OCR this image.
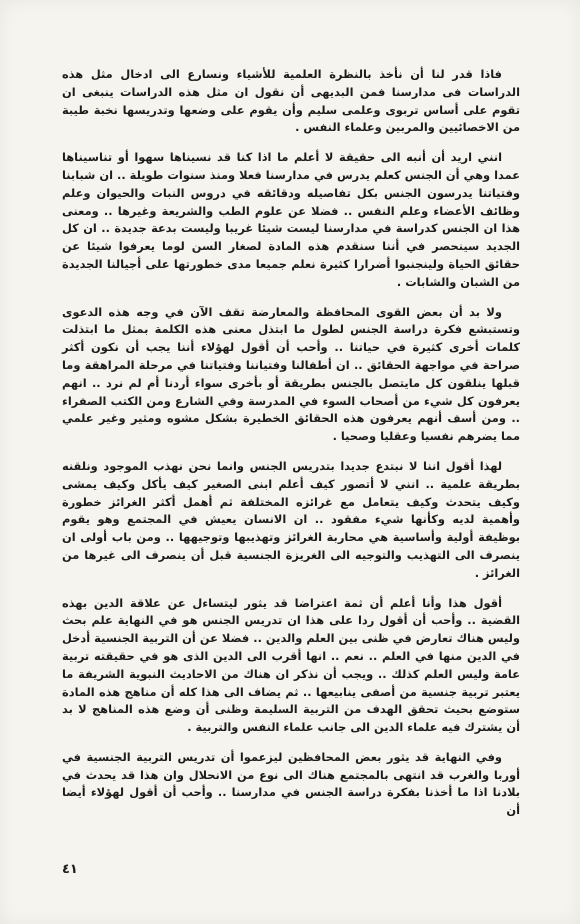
فاذا قدر لنا أن نأخذ بالنظرة العلمية للأشياء ونسارع الى ادخال مثل هذه الدراسات فى مدارسنا فمن البديهى أن نقول ان مثل هذه الدراسات ينبغى ان تقوم على أساس تربوى وعلمى سليم وأن يقوم على وضعها وتدريسها نخبة طيبة من الاخصائيين والمربين وعلماء النفس .

انني اريد أن أنبه الى حقيقة لا أعلم ما اذا كنا قد نسيناها سهوا أو تناسيناها عمدا وهي أن الجنس كعلم يدرس في مدارسنا فعلا ومنذ سنوات طويلة .. ان شبابنا وفتياتنا يدرسون الجنس بكل تفاصيله ودقائقه في دروس النبات والحيوان وعلم وظائف الأعضاء وعلم النفس .. فضلا عن علوم الطب والشريعة وغيرها .. ومعنى هذا ان الجنس كدراسة في مدارسنا ليست شيئا غريبا وليست بدعة جديدة .. ان كل الجديد سينحصر في أننا سنقدم هذه المادة لصغار السن لوما يعرفوا شيئا عن حقائق الحياة ولينجنبوا أضرارا كثيرة نعلم جميعا مدى خطورتها على أجيالنا الجديدة من الشبان والشابات .

ولا بد أن بعض القوى المحافظة والمعارضة تقف الآن في وجه هذه الدعوى وتستبشع فكرة دراسة الجنس لطول ما ابتذل معنى هذه الكلمة بمثل ما ابتذلت كلمات أخرى كثيرة في حياتنا .. وأحب أن أقول لهؤلاء أننا يجب أن نكون أكثر صراحة في مواجهة الحقائق .. ان أطفالنا وفتياننا وفتياتنا في مرحلة المراهقة وما قبلها ينلقون كل مايتصل بالجنس بطريقة أو بأخرى سواء أردنا أم لم نرد .. انهم يعرفون كل شيء من أصحاب السوء في المدرسة وفي الشارع ومن الكتب الصفراء .. ومن أسف أنهم يعرفون هذه الحقائق الخطيرة بشكل مشوه ومثير وغير علمي مما يضرهم نفسيا وعقليا وصحيا .

لهذا أقول اننا لا نبتدع جديدا بتدريس الجنس وانما نحن نهذب الموجود ونلقنه بطريقة علمية .. انني لا أتصور كيف أعلم ابنى الصغير كيف يأكل وكيف يمشى وكيف يتحدث وكيف يتعامل مع غرائزه المختلفة ثم أهمل أكثر الغرائز خطورة وأهمية لديه وكأنها شيء مفقود .. ان الانسان يعيش في المجتمع وهو يقوم بوظيفة أولية وأساسية هي محاربة الغرائز وتهذيبها وتوجيهها .. ومن باب أولى ان ينصرف الى التهذيب والتوجيه الى الغريزة الجنسية قبل أن ينصرف الى غيرها من الغرائز .

أقول هذا وأنا أعلم أن ثمة اعتراضا قد يثور ليتساءل عن علاقة الدين بهذه القضية .. وأحب أن أقول ردا على هذا ان تدريس الجنس هو في النهاية علم بحث وليس هناك تعارض في ظنى بين العلم والدين .. فضلا عن أن التربية الجنسية أدخل في الدين منها في العلم .. نعم .. انها أقرب الى الدين الذى هو في حقيقته تربية عامة وليس العلم كذلك .. ويجب أن نذكر ان هناك من الاحاديث النبوية الشريفة ما يعتبر تربية جنسية من أصفى ينابيعها .. ثم يضاف الى هذا كله أن مناهج هذه المادة ستوضع بحيث تحقق الهدف من التربية السليمة وظنى أن وضع هذه المناهج لا بد أن يشترك فيه علماء الدين الى جانب علماء النفس والتربية .

وفي النهاية قد يثور بعض المحافظين ليزعموا أن تدريس التربية الجنسية في أوربا والغرب قد انتهى بالمجتمع هناك الى نوع من الانحلال وان هذا قد يحدث في بلادنا اذا ما أخذنا بفكرة دراسة الجنس في مدارسنا .. وأحب أن أقول لهؤلاء أيضا أن

٤١
